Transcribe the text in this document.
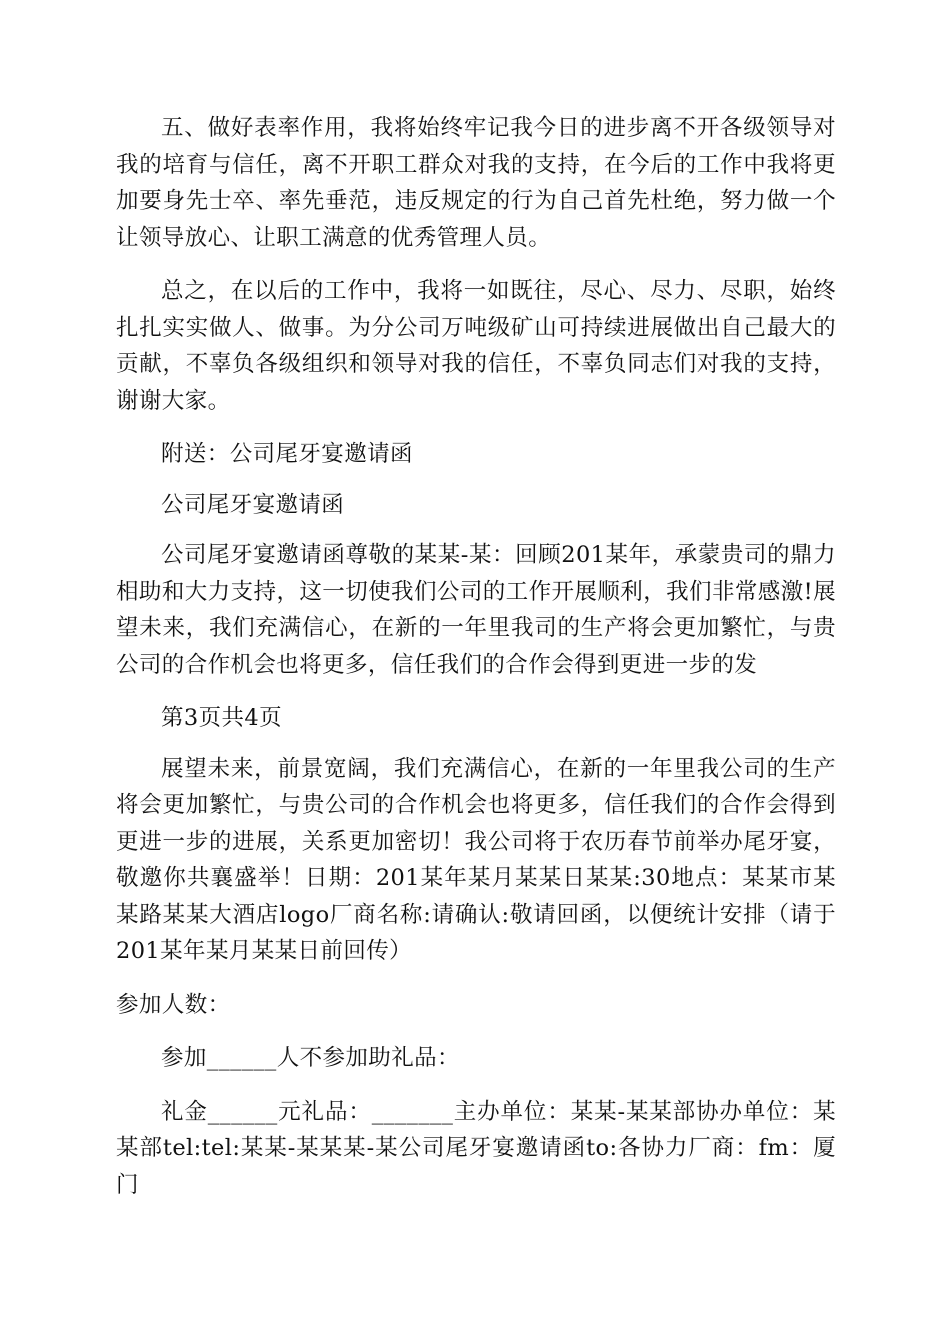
五、做好表率作用，我将始终牢记我今日的进步离不开各级领导对我的培育与信任，离不开职工群众对我的支持，在今后的工作中我将更加要身先士卒、率先垂范，违反规定的行为自己首先杜绝，努力做一个让领导放心、让职工满意的优秀管理人员。

总之，在以后的工作中，我将一如既往，尽心、尽力、尽职，始终扎扎实实做人、做事。为分公司万吨级矿山可持续进展做出自己最大的贡献，不辜负各级组织和领导对我的信任，不辜负同志们对我的支持，谢谢大家。

附送：公司尾牙宴邀请函

公司尾牙宴邀请函

公司尾牙宴邀请函尊敬的某某-某：回顾201某年，承蒙贵司的鼎力相助和大力支持，这一切使我们公司的工作开展顺利，我们非常感激!展望未来，我们充满信心，在新的一年里我司的生产将会更加繁忙，与贵公司的合作机会也将更多，信任我们的合作会得到更进一步的发

第3页共4页

展望未来，前景宽阔，我们充满信心，在新的一年里我公司的生产将会更加繁忙，与贵公司的合作机会也将更多，信任我们的合作会得到更进一步的进展，关系更加密切！我公司将于农历春节前举办尾牙宴，敬邀你共襄盛举！日期：201某年某月某某日某某:30地点：某某市某某路某某大酒店logo厂商名称:请确认:敬请回函，以便统计安排（请于201某年某月某某日前回传）

参加人数：

参加______人不参加助礼品：

礼金______元礼品：_______主办单位：某某-某某部协办单位：某某部tel:tel:某某-某某某-某公司尾牙宴邀请函to:各协力厂商：fm：厦门
